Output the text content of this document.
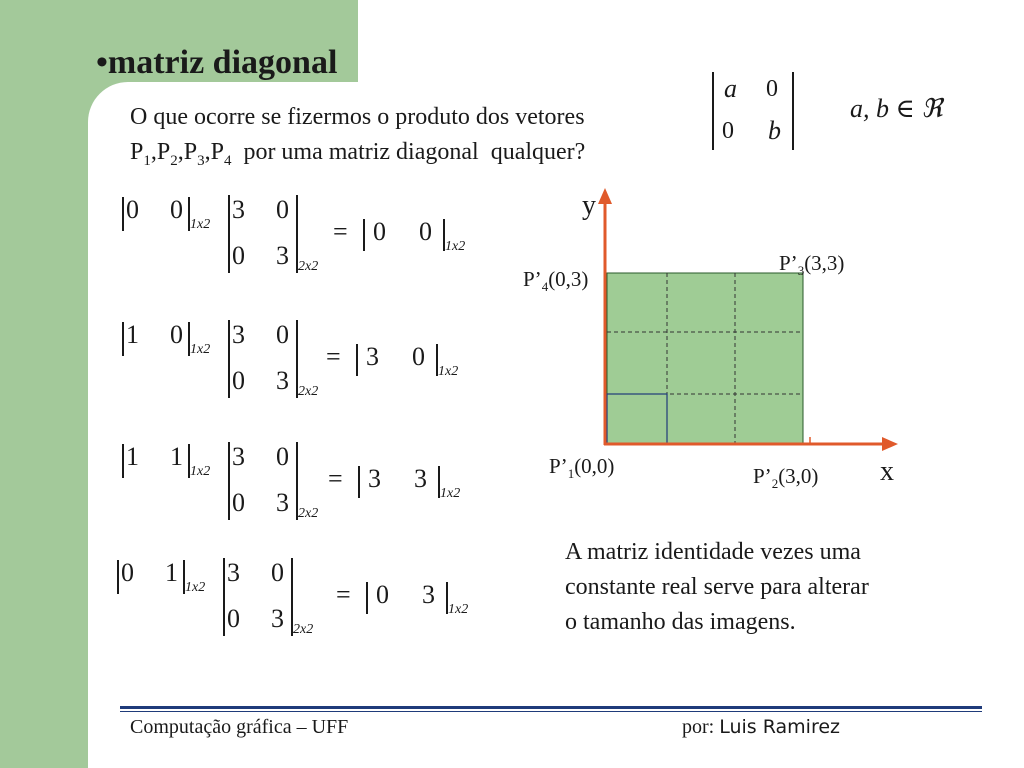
•matriz diagonal
O que ocorre se fizermos o produto dos vetores
$P_1,P_2,P_3,P_4$  por uma matriz diagonal  qualquer?
a 0
0 b
a, b ∈ ℜ
0 0
1x2
3 0
0 3 2x2
= 0 0
1x2
1 0
1x2
3 0
0 3 2x2
= 3 0
1x2
1 1
1x2
3 0
0 3 2x2
= 3 3
1x2
0 1
1x2
3 0
0 3 2x2
= 0 3
1x2
y
x
$P’_1(0,0)$	$P’_2(3,0)$
$P’_3(3,3)$
$P’_4(0,3)$
A matriz identidade vezes uma
constante real serve para alterar
o tamanho das imagens.
Computação gráfica – UFF	por: Luis Ramirez
